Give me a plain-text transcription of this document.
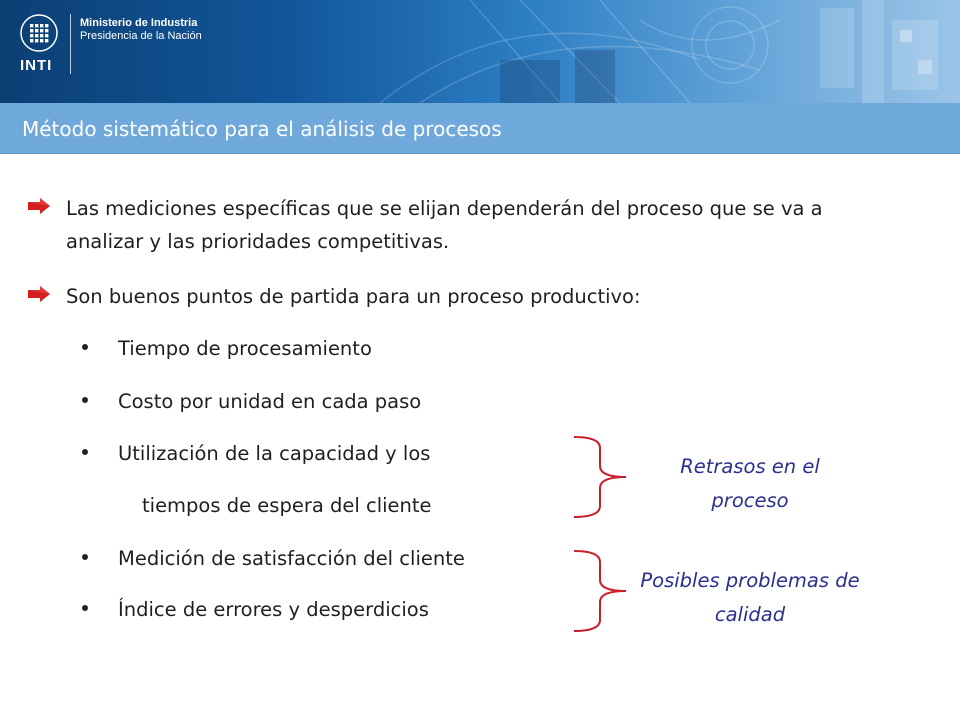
INTI
Ministerio de Industria
Presidencia de la Nación
Método sistemático para el análisis de procesos
Las mediciones específicas que se elijan dependerán del proceso que se va a analizar y las prioridades competitivas.
Son buenos puntos de partida para un proceso productivo:
Tiempo de procesamiento
Costo por unidad en cada paso
Utilización de la capacidad y los
tiempos de espera del cliente
Medición de satisfacción del cliente
Índice de errores y desperdicios
Retrasos en el proceso
Posibles problemas de calidad
